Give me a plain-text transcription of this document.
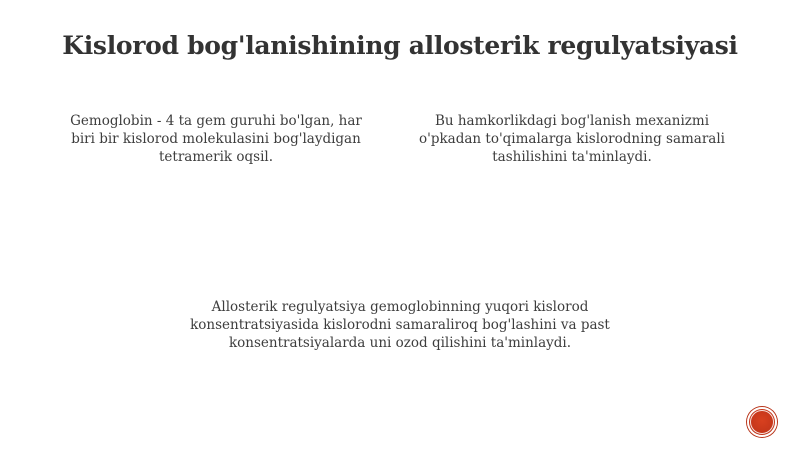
Kislorod bog'lanishining allosterik regulyatsiyasi

Gemoglobin - 4 ta gem guruhi bo'lgan, har biri bir kislorod molekulasini bog'laydigan tetramerik oqsil.

Bu hamkorlikdagi bog'lanish mexanizmi o'pkadan to'qimalarga kislorodning samarali tashilishini ta'minlaydi.

Allosterik regulyatsiya gemoglobinning yuqori kislorod konsentratsiyasida kislorodni samaraliroq bog'lashini va past konsentratsiyalarda uni ozod qilishini ta'minlaydi.
